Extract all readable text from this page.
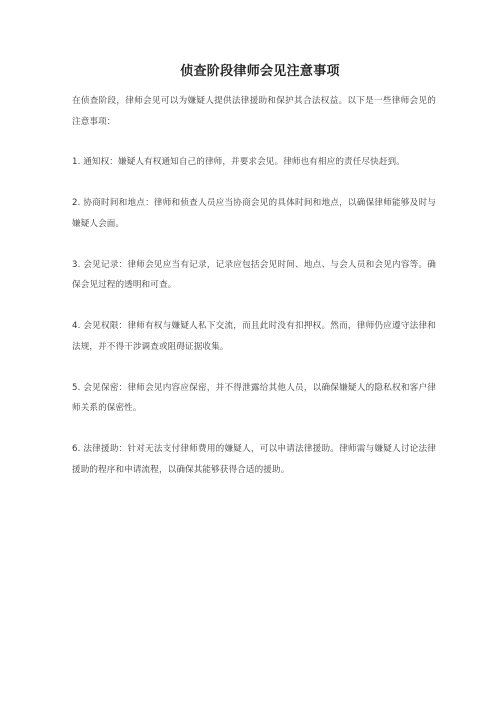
侦查阶段律师会见注意事项

在侦查阶段，律师会见可以为嫌疑人提供法律援助和保护其合法权益。以下是一些律师会见的注意事项：

1. 通知权：嫌疑人有权通知自己的律师，并要求会见。律师也有相应的责任尽快赶到。

2. 协商时间和地点：律师和侦查人员应当协商会见的具体时间和地点，以确保律师能够及时与嫌疑人会面。

3. 会见记录：律师会见应当有记录，记录应包括会见时间、地点、与会人员和会见内容等。确保会见过程的透明和可查。

4. 会见权限：律师有权与嫌疑人私下交流，而且此时没有扣押权。然而，律师仍应遵守法律和法规，并不得干涉调查或阻碍证据收集。

5. 会见保密：律师会见内容应保密，并不得泄露给其他人员，以确保嫌疑人的隐私权和客户律师关系的保密性。

6. 法律援助：针对无法支付律师费用的嫌疑人，可以申请法律援助。律师需与嫌疑人讨论法律援助的程序和申请流程，以确保其能够获得合适的援助。
